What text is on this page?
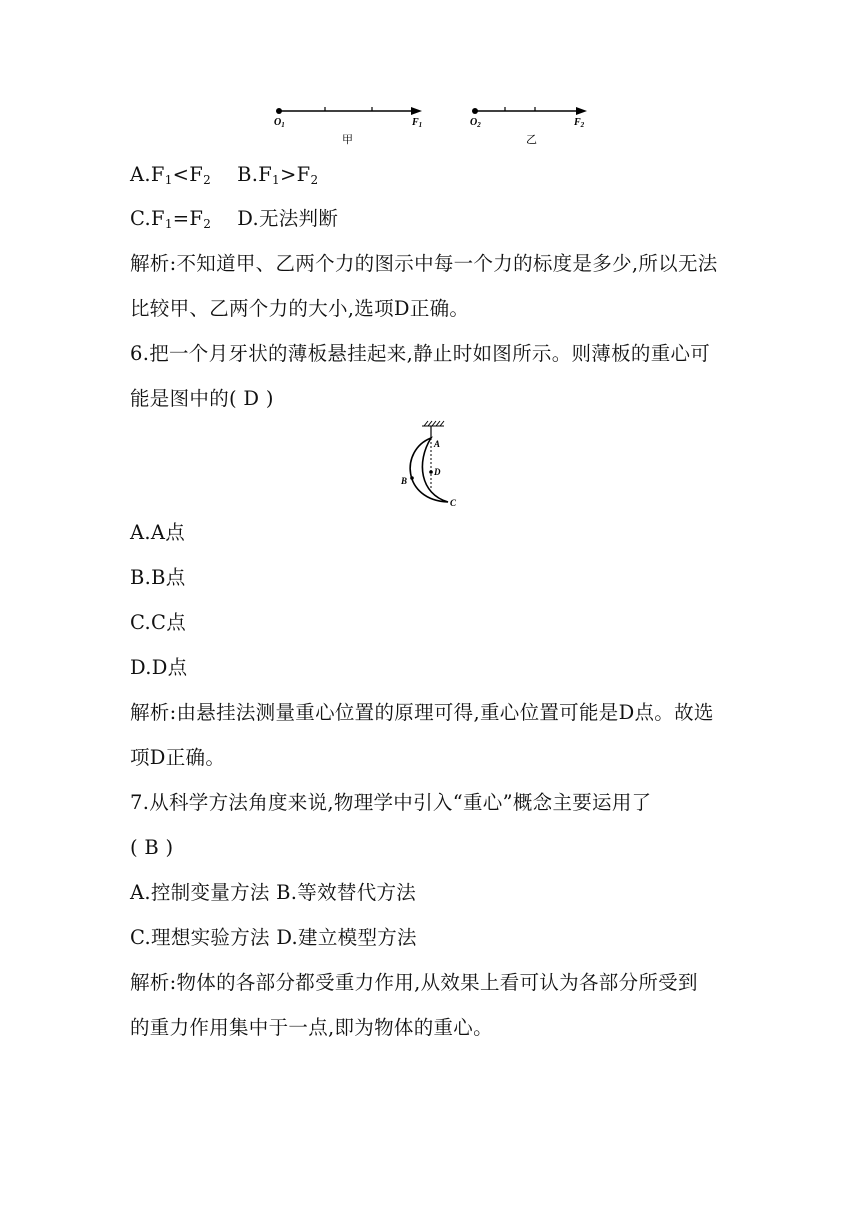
$O_1$	$F_1$
甲
$O_2$	$F_2$
乙
$A.F_1<F_2$ $B.F_1>F_2$
$C.F_1=F_2$ D.无法判断
解析:不知道甲、乙两个力的图示中每一个力的标度是多少,所以无法
比较甲、乙两个力的大小,选项D正确。
6.把一个月牙状的薄板悬挂起来,静止时如图所示。则薄板的重心可
能是图中的( D )
A
D
B
C
A.A点
B.B点
C.C点
D.D点
解析:由悬挂法测量重心位置的原理可得,重心位置可能是D点。故选
项D正确。
7.从科学方法角度来说,物理学中引入“重心”概念主要运用了
( B )
A.控制变量方法 B.等效替代方法
C.理想实验方法 D.建立模型方法
解析:物体的各部分都受重力作用,从效果上看可认为各部分所受到
的重力作用集中于一点,即为物体的重心。
